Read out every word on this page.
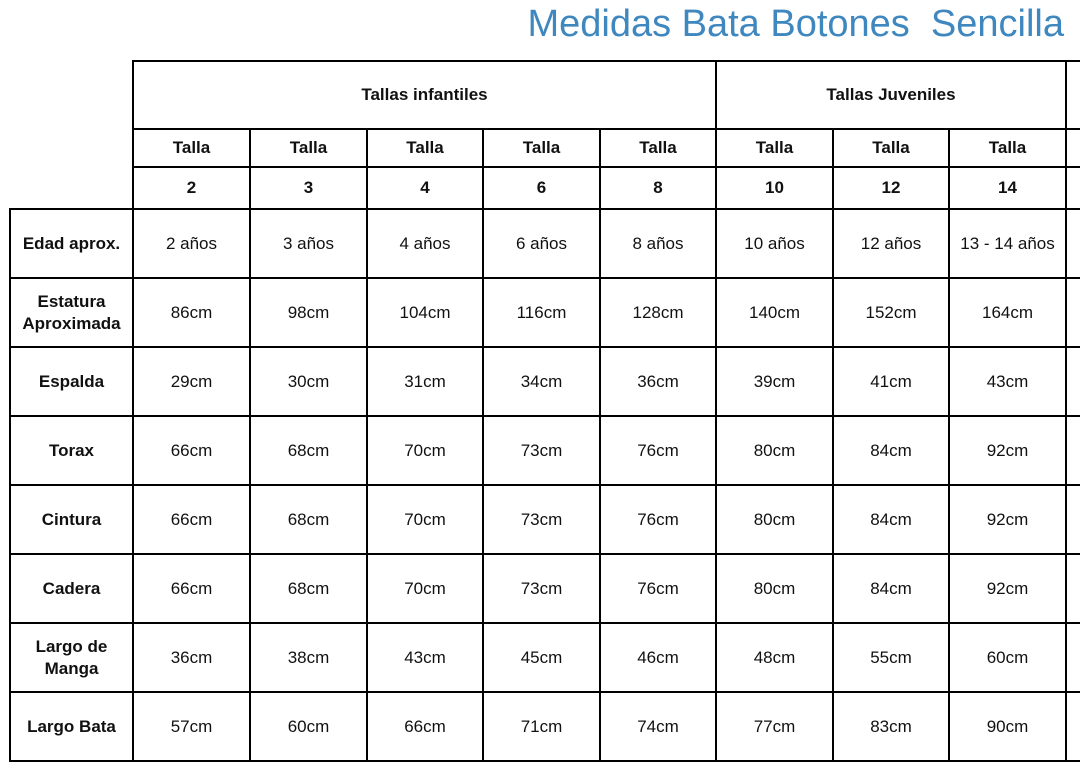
Medidas Bata Botones  Sencilla
	Tallas infantiles					Tallas Juveniles			
	Talla	Talla	Talla	Talla	Talla	Talla	Talla	Talla	
	2	3	4	6	8	10	12	14	

Edad aprox.	2 años	3 años	4 años	6 años	8 años	10 años	12 años	13 - 14 años	

Estatura
Aproximada	86cm	98cm	104cm	116cm	128cm	140cm	152cm	164cm	

Espalda	29cm	30cm	31cm	34cm	36cm	39cm	41cm	43cm	

Torax	66cm	68cm	70cm	73cm	76cm	80cm	84cm	92cm	

Cintura	66cm	68cm	70cm	73cm	76cm	80cm	84cm	92cm	

Cadera	66cm	68cm	70cm	73cm	76cm	80cm	84cm	92cm	

Largo de
Manga	36cm	38cm	43cm	45cm	46cm	48cm	55cm	60cm	

Largo Bata	57cm	60cm	66cm	71cm	74cm	77cm	83cm	90cm	
